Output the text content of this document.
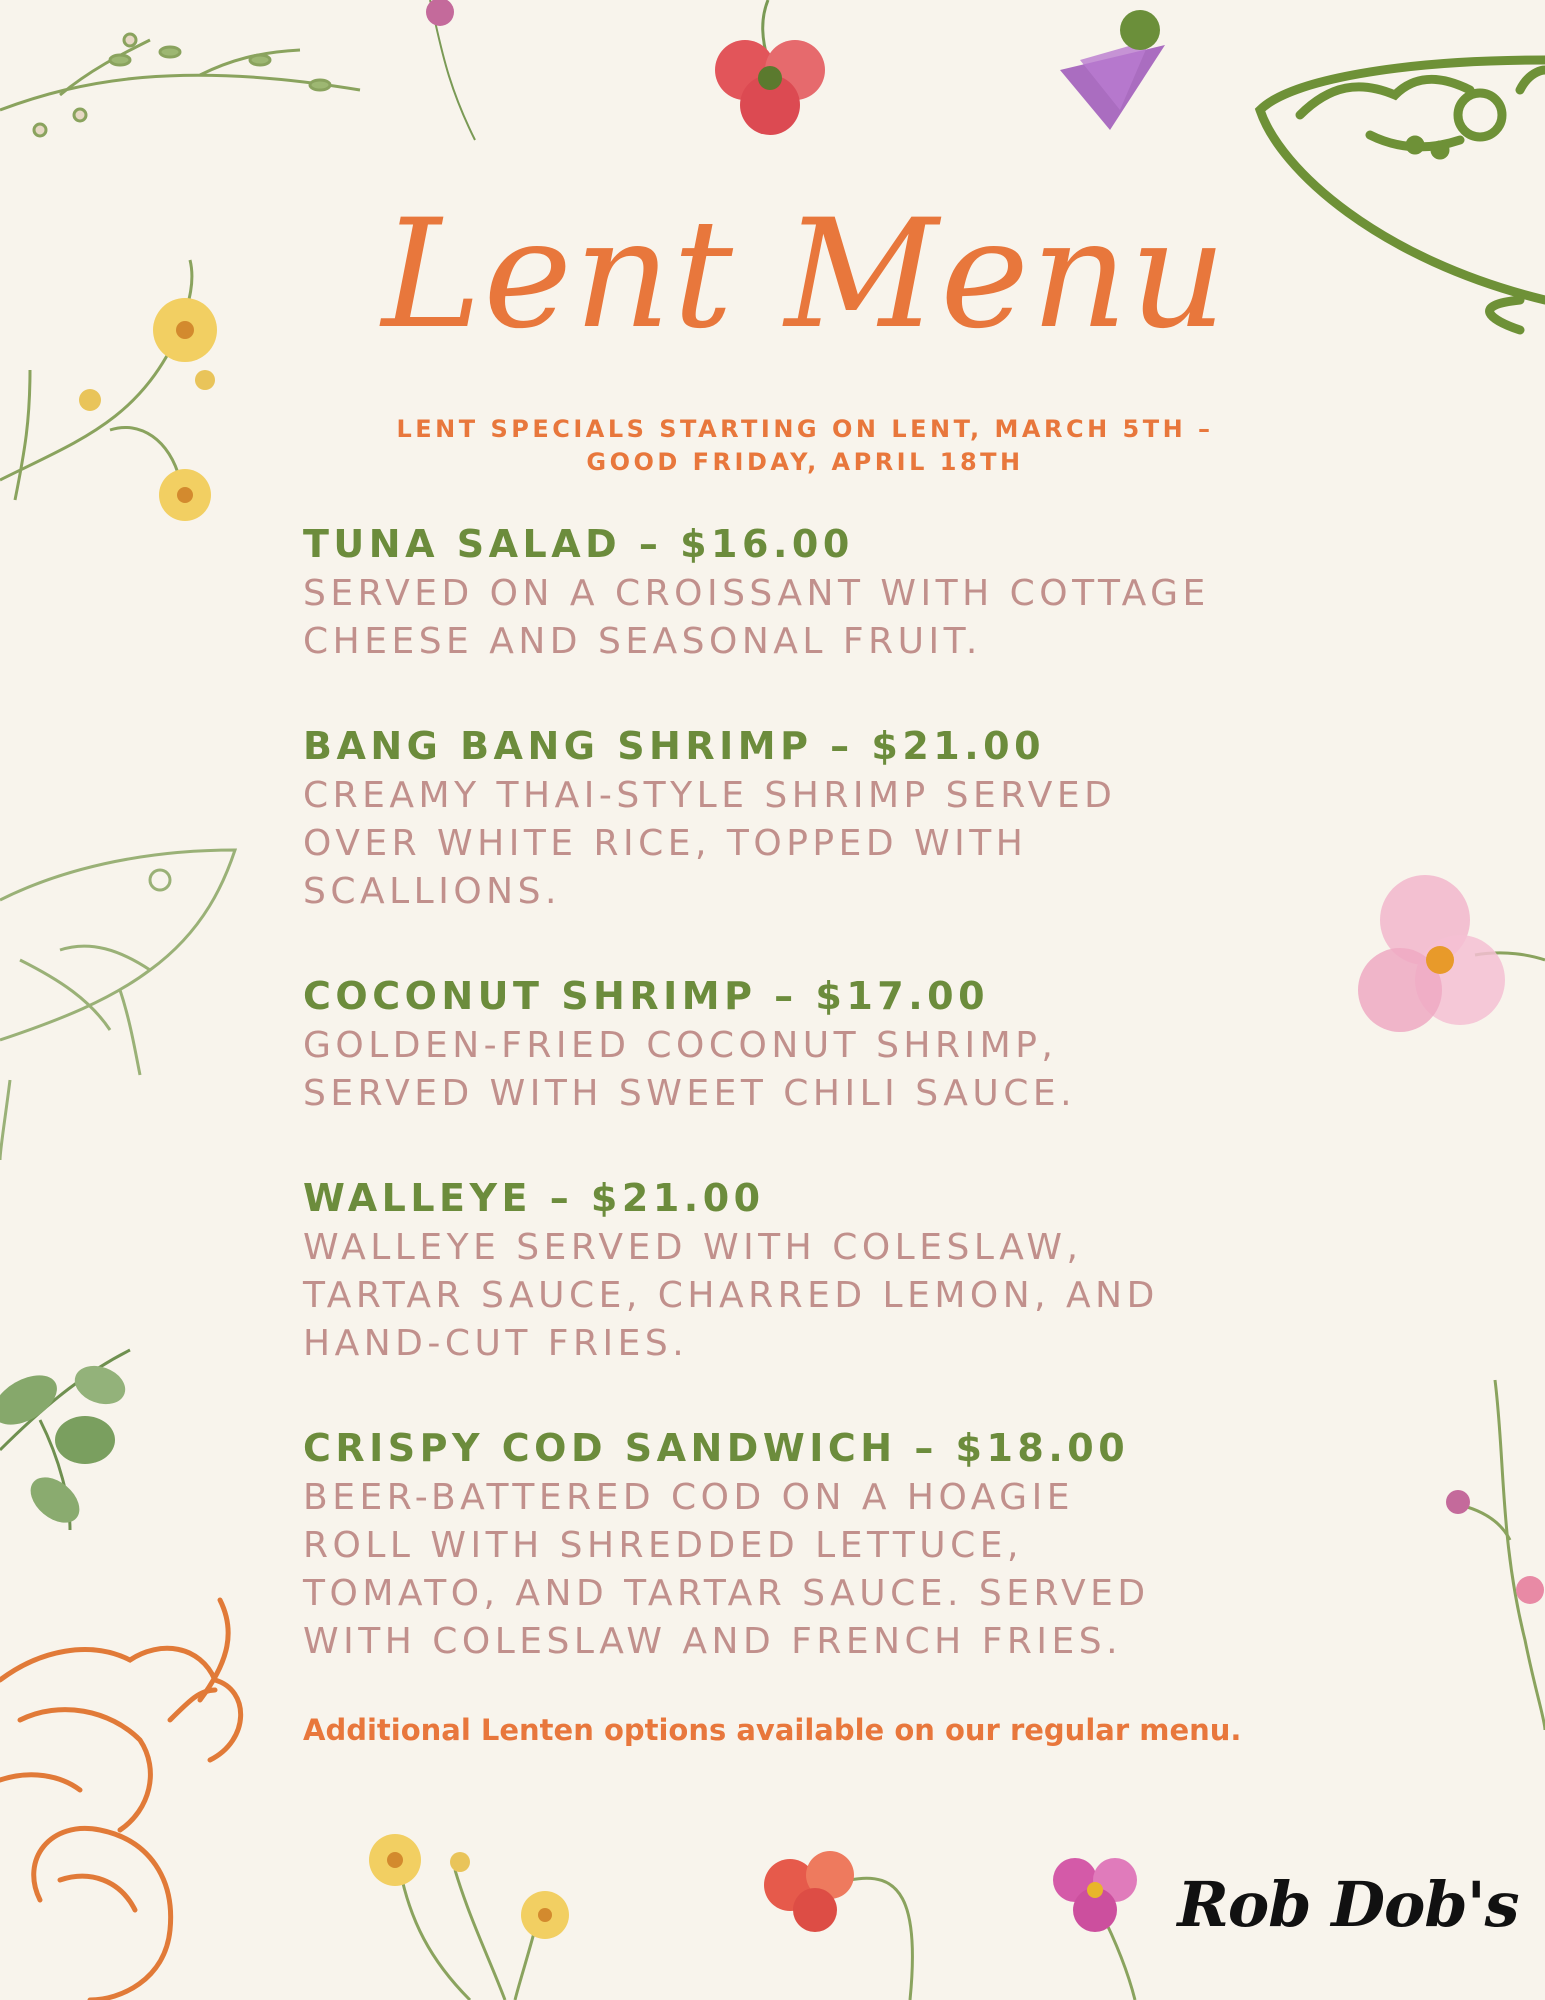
Lent Menu
LENT SPECIALS STARTING ON LENT, MARCH 5TH –
GOOD FRIDAY, APRIL 18TH
TUNA SALAD – $16.00
SERVED ON A CROISSANT WITH COTTAGE
CHEESE AND SEASONAL FRUIT.
BANG BANG SHRIMP – $21.00
CREAMY THAI-STYLE SHRIMP SERVED
OVER WHITE RICE, TOPPED WITH
SCALLIONS.
COCONUT SHRIMP – $17.00
GOLDEN-FRIED COCONUT SHRIMP,
SERVED WITH SWEET CHILI SAUCE.
WALLEYE – $21.00
WALLEYE SERVED WITH COLESLAW,
TARTAR SAUCE, CHARRED LEMON, AND
HAND-CUT FRIES.
CRISPY COD SANDWICH – $18.00
BEER-BATTERED COD ON A HOAGIE
ROLL WITH SHREDDED LETTUCE,
TOMATO, AND TARTAR SAUCE. SERVED
WITH COLESLAW AND FRENCH FRIES.
Additional Lenten options available on our regular menu.
Rob Dob's
